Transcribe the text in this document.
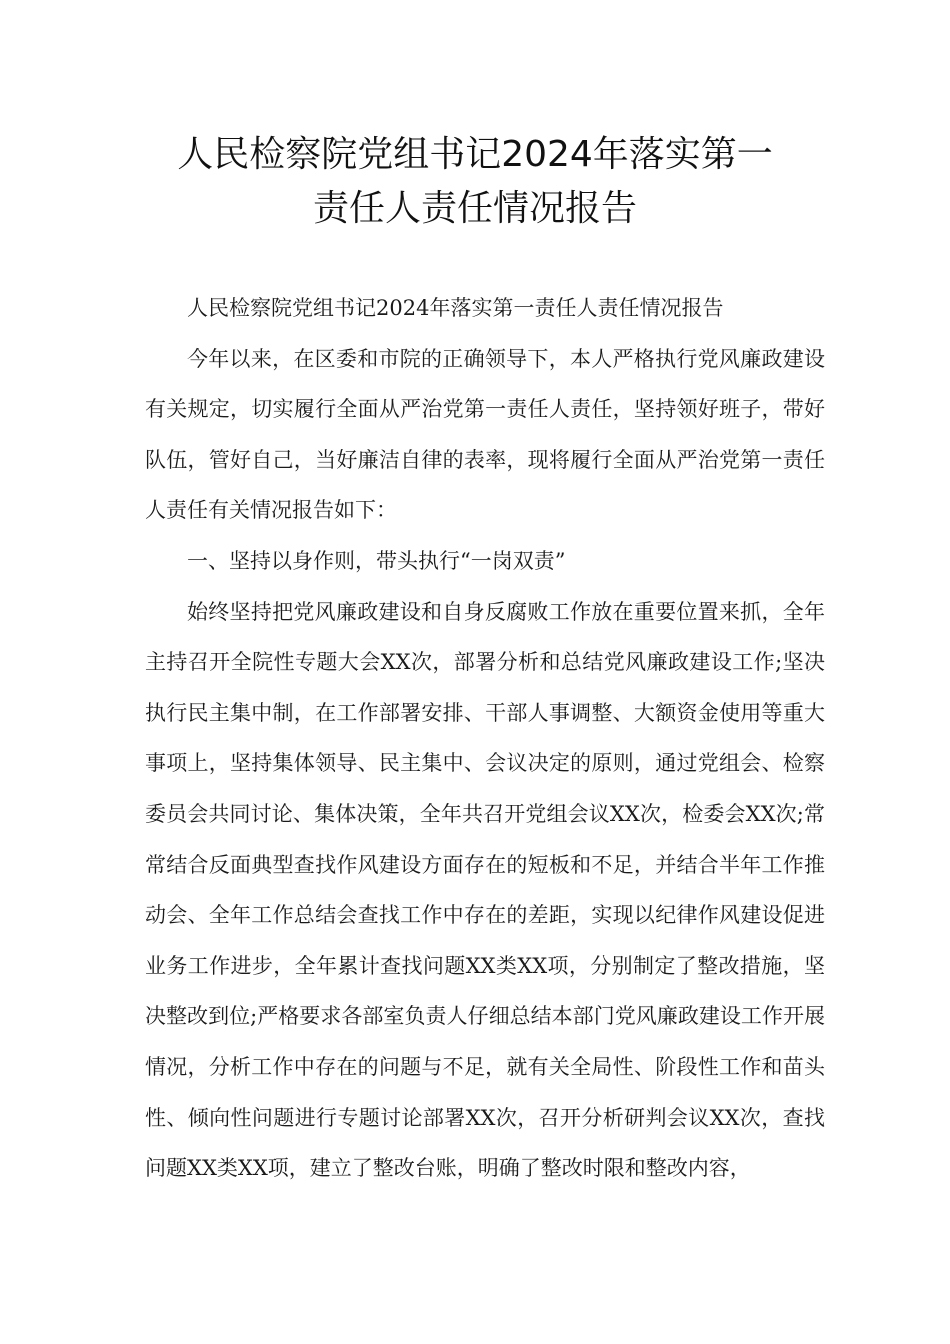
人民检察院党组书记2024年落实第一
责任人责任情况报告

人民检察院党组书记2024年落实第一责任人责任情况报告

今年以来，在区委和市院的正确领导下，本人严格执行党风廉政建设有关规定，切实履行全面从严治党第一责任人责任，坚持领好班子，带好队伍，管好自己，当好廉洁自律的表率，现将履行全面从严治党第一责任人责任有关情况报告如下：

一、坚持以身作则，带头执行“一岗双责”

始终坚持把党风廉政建设和自身反腐败工作放在重要位置来抓，全年主持召开全院性专题大会XX次，部署分析和总结党风廉政建设工作;坚决执行民主集中制，在工作部署安排、干部人事调整、大额资金使用等重大事项上，坚持集体领导、民主集中、会议决定的原则，通过党组会、检察委员会共同讨论、集体决策，全年共召开党组会议XX次，检委会XX次;常常结合反面典型查找作风建设方面存在的短板和不足，并结合半年工作推动会、全年工作总结会查找工作中存在的差距，实现以纪律作风建设促进业务工作进步，全年累计查找问题XX类XX项，分别制定了整改措施，坚决整改到位;严格要求各部室负责人仔细总结本部门党风廉政建设工作开展情况，分析工作中存在的问题与不足，就有关全局性、阶段性工作和苗头性、倾向性问题进行专题讨论部署XX次，召开分析研判会议XX次，查找问题XX类XX项，建立了整改台账，明确了整改时限和整改内容，
